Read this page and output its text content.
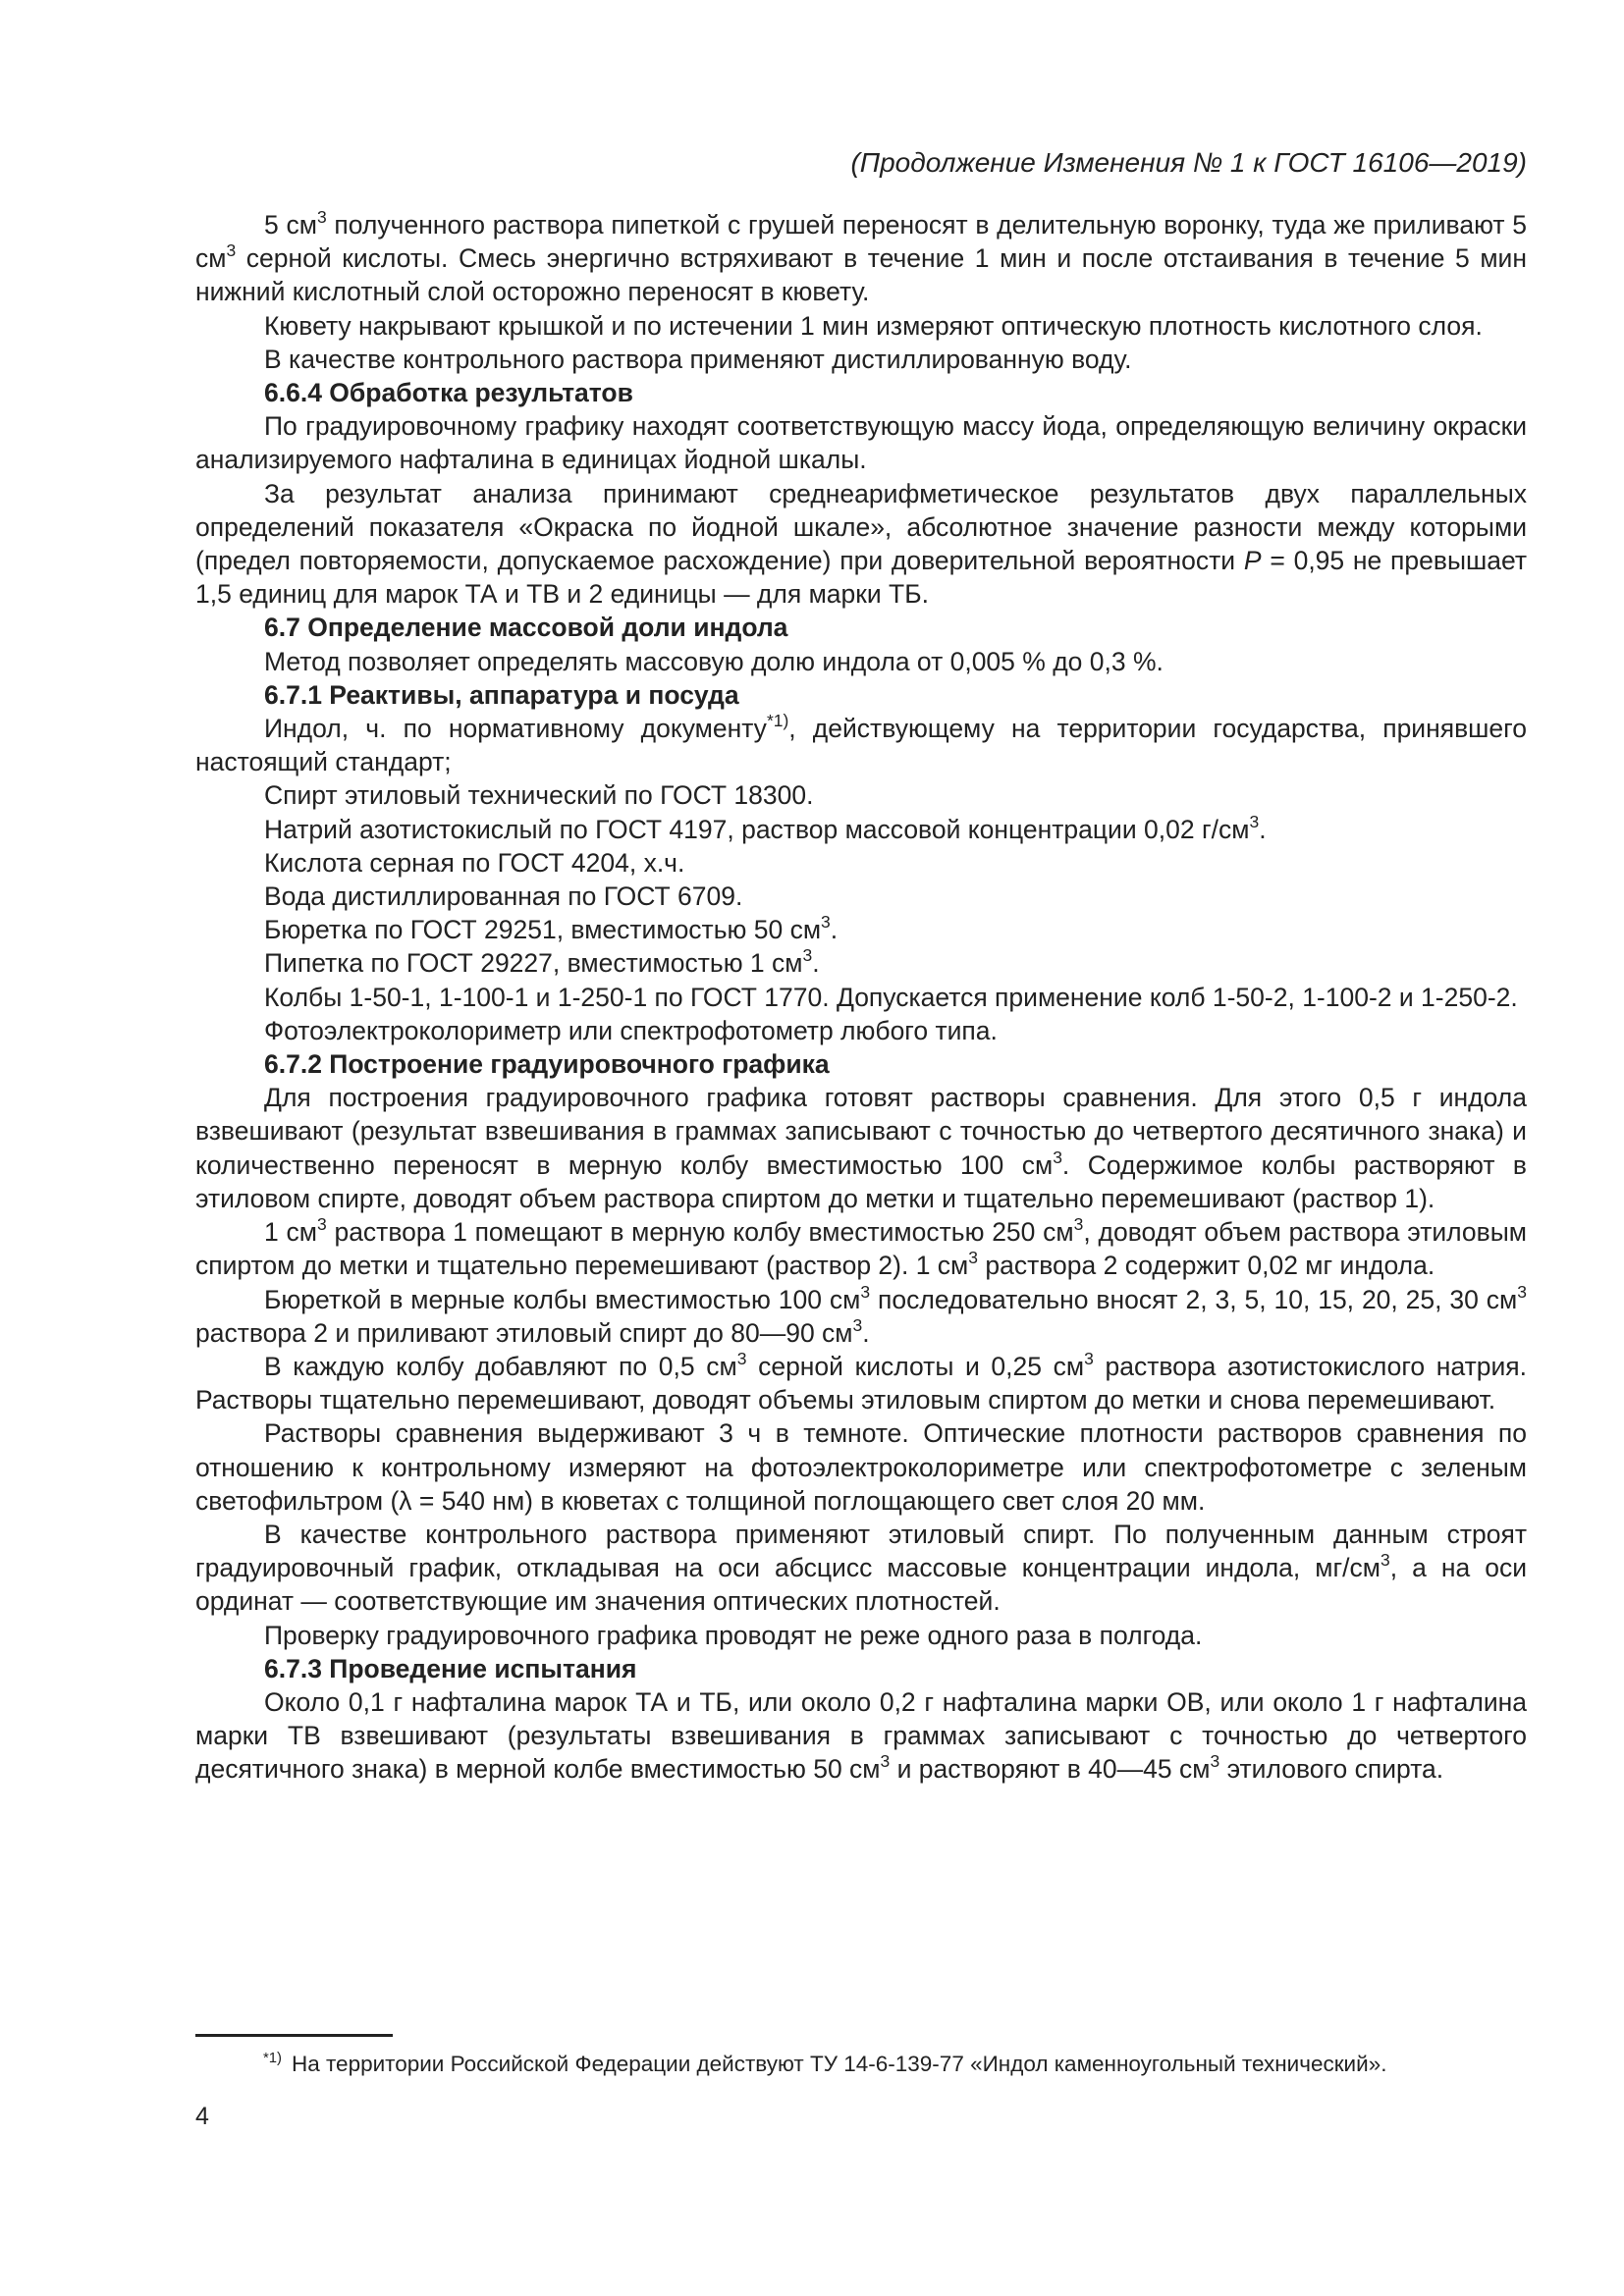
(Продолжение Изменения № 1 к ГОСТ 16106—2019)

5 $см^3$ полученного раствора пипеткой с грушей переносят в делительную воронку, туда же приливают 5 $см^3$ серной кислоты. Смесь энергично встряхивают в течение 1 мин и после отстаивания в течение 5 мин нижний кислотный слой осторожно переносят в кювету.

Кювету накрывают крышкой и по истечении 1 мин измеряют оптическую плотность кислотного слоя.

В качестве контрольного раствора применяют дистиллированную воду.

6.6.4 Обработка результатов

По градуировочному графику находят соответствующую массу йода, определяющую величину окраски анализируемого нафталина в единицах йодной шкалы.

За результат анализа принимают среднеарифметическое результатов двух параллельных определений показателя «Окраска по йодной шкале», абсолютное значение разности между которыми (предел повторяемости, допускаемое расхождение) при доверительной вероятности P = 0,95 не превышает 1,5 единиц для марок ТА и ТВ и 2 единицы — для марки ТБ.

6.7 Определение массовой доли индола

Метод позволяет определять массовую долю индола от 0,005 % до 0,3 %.

6.7.1 Реактивы, аппаратура и посуда

Индол, ч. по нормативному документу$^{*1)}$, действующему на территории государства, принявшего настоящий стандарт;

Спирт этиловый технический по ГОСТ 18300.

Натрий азотистокислый по ГОСТ 4197, раствор массовой концентрации 0,02 $г/см^3$.

Кислота серная по ГОСТ 4204, х.ч.

Вода дистиллированная по ГОСТ 6709.

Бюретка по ГОСТ 29251, вместимостью 50 $см^3$.

Пипетка по ГОСТ 29227, вместимостью 1 $см^3$.

Колбы 1-50-1, 1-100-1 и 1-250-1 по ГОСТ 1770. Допускается применение колб 1-50-2, 1-100-2 и 1-250-2.

Фотоэлектроколориметр или спектрофотометр любого типа.

6.7.2 Построение градуировочного графика

Для построения градуировочного графика готовят растворы сравнения. Для этого 0,5 г индола взвешивают (результат взвешивания в граммах записывают с точностью до четвертого десятичного знака) и количественно переносят в мерную колбу вместимостью 100 $см^3$. Содержимое колбы растворяют в этиловом спирте, доводят объем раствора спиртом до метки и тщательно перемешивают (раствор 1).

1 $см^3$ раствора 1 помещают в мерную колбу вместимостью 250 $см^3$, доводят объем раствора этиловым спиртом до метки и тщательно перемешивают (раствор 2). 1 $см^3$ раствора 2 содержит 0,02 мг индола.

Бюреткой в мерные колбы вместимостью 100 $см^3$ последовательно вносят 2, 3, 5, 10, 15, 20, 25, 30 $см^3$ раствора 2 и приливают этиловый спирт до 80—90 $см^3$.

В каждую колбу добавляют по 0,5 $см^3$ серной кислоты и 0,25 $см^3$ раствора азотистокислого натрия. Растворы тщательно перемешивают, доводят объемы этиловым спиртом до метки и снова перемешивают.

Растворы сравнения выдерживают 3 ч в темноте. Оптические плотности растворов сравнения по отношению к контрольному измеряют на фотоэлектроколориметре или спектрофотометре с зеленым светофильтром (λ = 540 нм) в кюветах с толщиной поглощающего свет слоя 20 мм.

В качестве контрольного раствора применяют этиловый спирт. По полученным данным строят градуировочный график, откладывая на оси абсцисс массовые концентрации индола, $мг/см^3$, а на оси ординат — соответствующие им значения оптических плотностей.

Проверку градуировочного графика проводят не реже одного раза в полгода.

6.7.3 Проведение испытания

Около 0,1 г нафталина марок ТА и ТБ, или около 0,2 г нафталина марки ОВ, или около 1 г нафталина марки ТВ взвешивают (результаты взвешивания в граммах записывают с точностью до четвертого десятичного знака) в мерной колбе вместимостью 50 $см^3$ и растворяют в 40—45 $см^3$ этилового спирта.

$^{*1)}$ На территории Российской Федерации действуют ТУ 14-6-139-77 «Индол каменноугольный технический».
4
